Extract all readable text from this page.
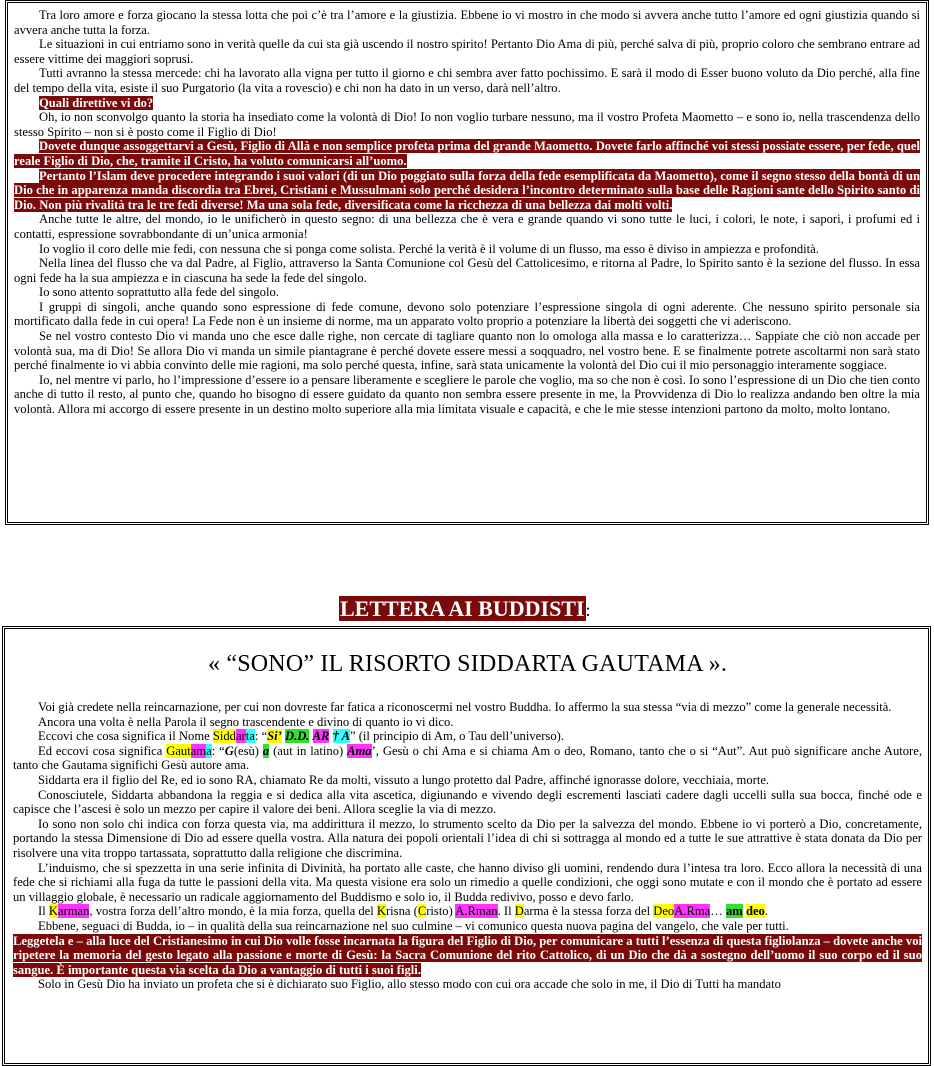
Tra loro amore e forza giocano la stessa lotta che poi c’è tra l’amore e la giustizia. Ebbene io vi mostro in che modo si avvera anche tutto l’amore ed ogni giustizia quando si avvera anche tutta la forza.

Le situazioni in cui entriamo sono in verità quelle da cui sta già uscendo il nostro spirito! Pertanto Dio Ama di più, perché salva di più, proprio coloro che sembrano entrare ad essere vittime dei maggiori soprusi.

Tutti avranno la stessa mercede: chi ha lavorato alla vigna per tutto il giorno e chi sembra aver fatto pochissimo. E sarà il modo di Esser buono voluto da Dio perché, alla fine del tempo della vita, esiste il suo Purgatorio (la vita a rovescio) e chi non ha dato in un verso, darà nell’altro.

Quali direttive vi do?

Oh, io non sconvolgo quanto la storia ha insediato come la volontà di Dio! Io non voglio turbare nessuno, ma il vostro Profeta Maometto – e sono io, nella trascendenza dello stesso Spirito – non si è posto come il Figlio di Dio!

Dovete dunque assoggettarvi a Gesù, Figlio di Allà e non semplice profeta prima del grande Maometto. Dovete farlo affinché voi stessi possiate essere, per fede, quel reale Figlio di Dio, che, tramite il Cristo, ha voluto comunicarsi all’uomo.

Pertanto l’Islam deve procedere integrando i suoi valori (di un Dio poggiato sulla forza della fede esemplificata da Maometto), come il segno stesso della bontà di un Dio che in apparenza manda discordia tra Ebrei, Cristiani e Mussulmani solo perché desidera l’incontro determinato sulla base delle Ragioni sante dello Spirito santo di Dio. Non più rivalità tra le tre fedi diverse! Ma una sola fede, diversificata come la ricchezza di una bellezza dai molti volti.

Anche tutte le altre, del mondo, io le unificherò in questo segno: di una bellezza che è vera e grande quando vi sono tutte le luci, i colori, le note, i sapori, i profumi ed i contatti, espressione sovrabbondante di un’unica armonia!

Io voglio il coro delle mie fedi, con nessuna che si ponga come solista. Perché la verità è il volume di un flusso, ma esso è diviso in ampiezza e profondità.

Nella linea del flusso che va dal Padre, al Figlio, attraverso la Santa Comunione col Gesù del Cattolicesimo, e ritorna al Padre, lo Spirito santo è la sezione del flusso. In essa ogni fede ha la sua ampiezza e in ciascuna ha sede la fede del singolo.

Io sono attento soprattutto alla fede del singolo.

I gruppi di singoli, anche quando sono espressione di fede comune, devono solo potenziare l’espressione singola di ogni aderente. Che nessuno spirito personale sia mortificato dalla fede in cui opera! La Fede non è un insieme di norme, ma un apparato volto proprio a potenziare la libertà dei soggetti che vi aderiscono.

Se nel vostro contesto Dio vi manda uno che esce dalle righe, non cercate di tagliare quanto non lo omologa alla massa e lo caratterizza… Sappiate che ciò non accade per volontà sua, ma di Dio! Se allora Dio vi manda un simile piantagrane è perché dovete essere messi a soqquadro, nel vostro bene. E se finalmente potrete ascoltarmi non sarà stato perché finalmente io vi abbia convinto delle mie ragioni, ma solo perché questa, infine, sarà stata unicamente la volontà del Dio cui il mio personaggio interamente soggiace.

Io, nel mentre vi parlo, ho l’impressione d’essere io a pensare liberamente e scegliere le parole che voglio, ma so che non è così. Io sono l’espressione di un Dio che tien conto anche di tutto il resto, al punto che, quando ho bisogno di essere guidato da quanto non sembra essere presente in me, la Provvidenza di Dio lo realizza andando ben oltre la mia volontà. Allora mi accorgo di essere presente in un destino molto superiore alla mia limitata visuale e capacità, e che le mie stesse intenzioni partono da molto, molto lontano.

LETTERA AI BUDDISTI:
« “SONO” IL RISORTO SIDDARTA GAUTAMA ».

Voi già credete nella reincarnazione, per cui non dovreste far fatica a riconoscermi nel vostro Buddha. Io affermo la sua stessa “via di mezzo” come la generale necessità.

Ancora una volta è nella Parola il segno trascendente e divino di quanto io vi dico.

Eccovi che cosa significa il Nome Siddarta: “Si’ D.D. AR † A” (il principio di Am, o Tau dell’universo).

Ed eccovi cosa significa Gautama: “G(esù) a (aut in latino) Ama’, Gesù o chi Ama e si chiama Am o deo, Romano, tanto che o si “Aut”. Aut può significare anche Autore, tanto che Gautama significhi Gesù autore ama.

Siddarta era il figlio del Re, ed io sono RA, chiamato Re da molti, vissuto a lungo protetto dal Padre, affinché ignorasse dolore, vecchiaia, morte.

Conosciutele, Siddarta abbandona la reggia e si dedica alla vita ascetica, digiunando e vivendo degli escrementi lasciati cadere dagli uccelli sulla sua bocca, finché ode e capisce che l’ascesi è solo un mezzo per capire il valore dei beni. Allora sceglie la via di mezzo.

Io sono non solo chi indica con forza questa via, ma addirittura il mezzo, lo strumento scelto da Dio per la salvezza del mondo. Ebbene io vi porterò a Dio, concretamente, portando la stessa Dimensione di Dio ad essere quella vostra. Alla natura dei popoli orientali l’idea di chi si sottragga al mondo ed a tutte le sue attrattive è stata donata da Dio per risolvere una vita troppo tartassata, soprattutto dalla religione che discrimina.

L’induismo, che si spezzetta in una serie infinita di Divinità, ha portato alle caste, che hanno diviso gli uomini, rendendo dura l’intesa tra loro. Ecco allora la necessità di una fede che si richiami alla fuga da tutte le passioni della vita. Ma questa visione era solo un rimedio a quelle condizioni, che oggi sono mutate e con il mondo che è portato ad essere un villaggio globale, è necessario un radicale aggiornamento del Buddismo e solo io, il Budda redivivo, posso e devo farlo.

Il Karman, vostra forza dell’altro mondo, è la mia forza, quella del Krisna (Cristo) A.Rman. Il Darma è la stessa forza del DeoA.Rma… am deo.

Ebbene, seguaci di Budda, io – in qualità della sua reincarnazione nel suo culmine – vi comunico questa nuova pagina del vangelo, che vale per tutti.

Leggetela e – alla luce del Cristianesimo in cui Dio volle fosse incarnata la figura del Figlio di Dio, per comunicare a tutti l’essenza di questa figliolanza – dovete anche voi ripetere la memoria del gesto legato alla passione e morte di Gesù: la Sacra Comunione del rito Cattolico, di un Dio che dà a sostegno dell’uomo il suo corpo ed il suo sangue. È importante questa via scelta da Dio a vantaggio di tutti i suoi figli.

Solo in Gesù Dio ha inviato un profeta che si è dichiarato suo Figlio, allo stesso modo con cui ora accade che solo in me, il Dio di Tutti ha mandato
